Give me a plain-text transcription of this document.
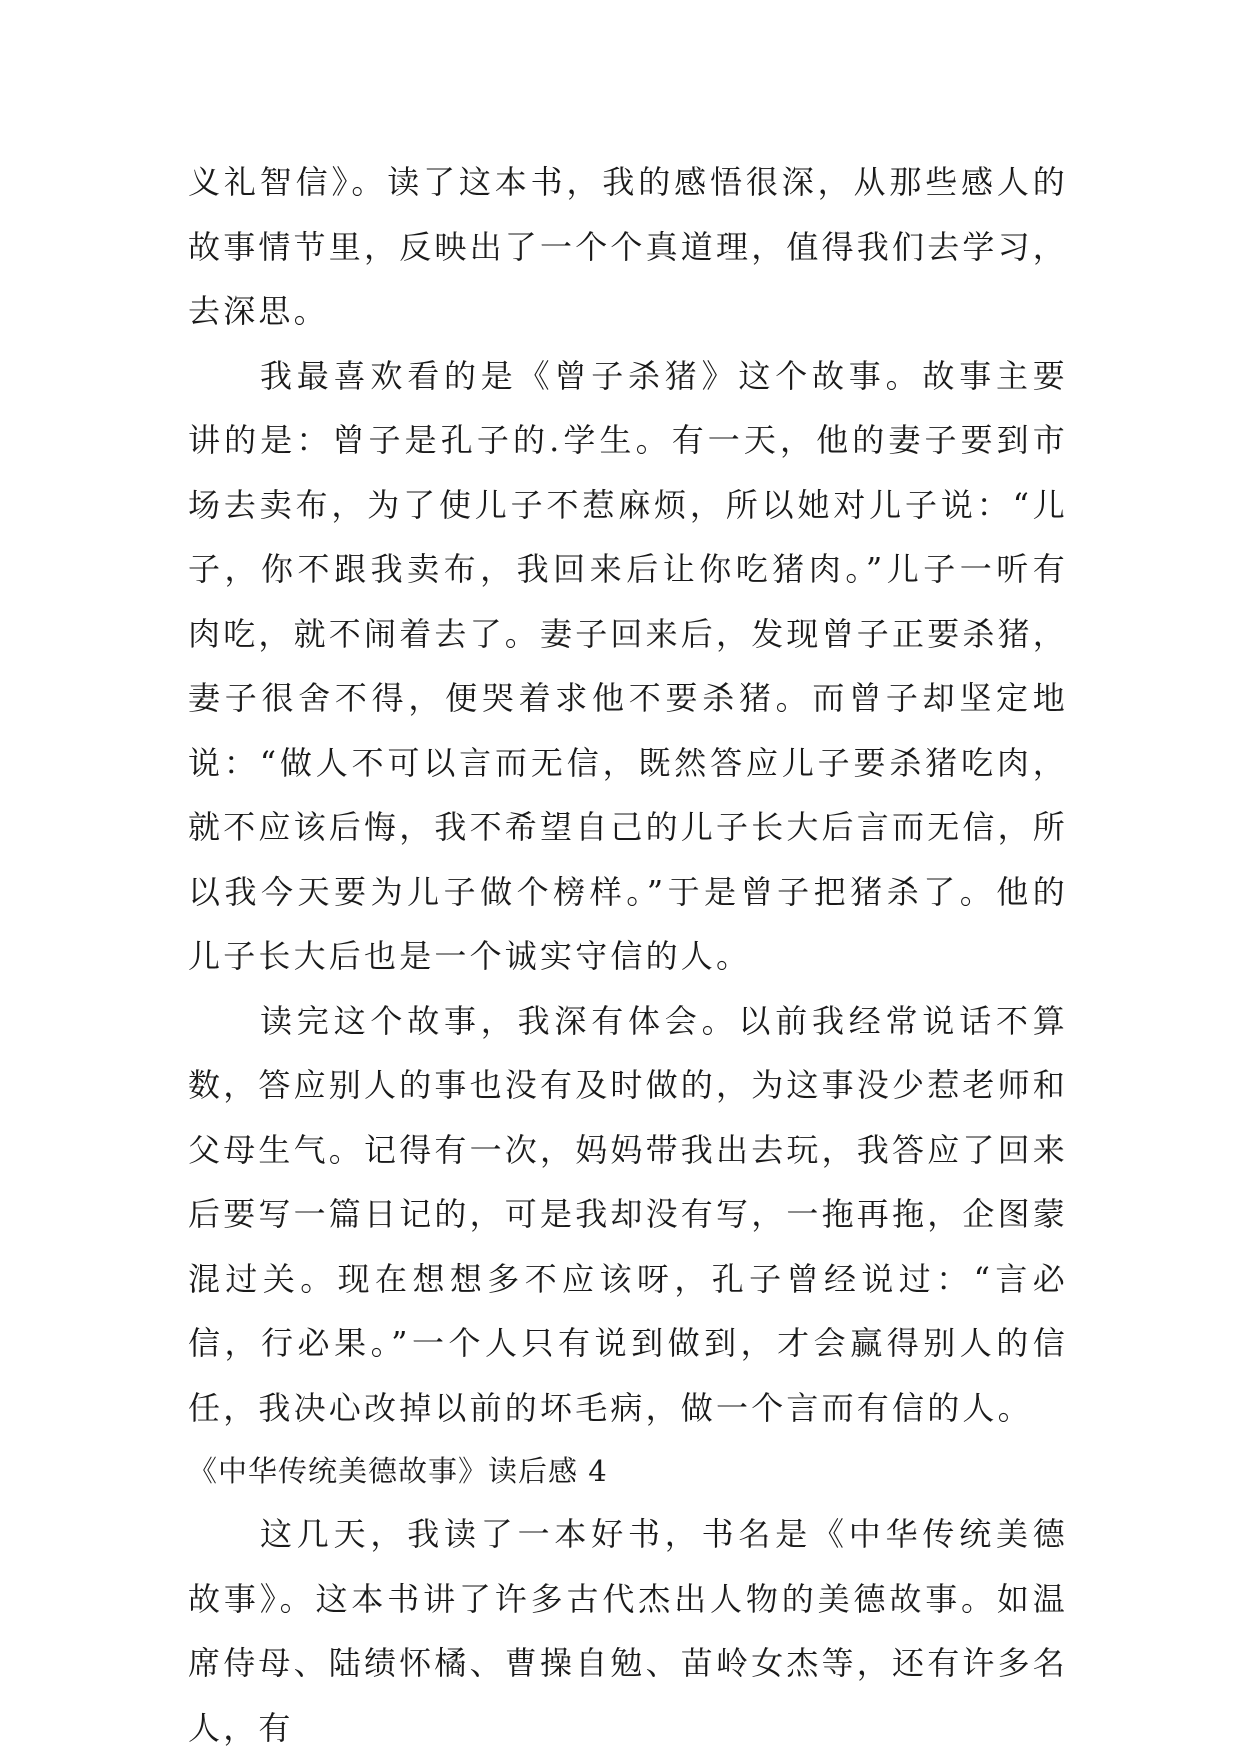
义礼智信》。读了这本书，我的感悟很深，从那些感人的故事情节里，反映出了一个个真道理，值得我们去学习，去深思。

我最喜欢看的是《曾子杀猪》这个故事。故事主要讲的是：曾子是孔子的.学生。有一天，他的妻子要到市场去卖布，为了使儿子不惹麻烦，所以她对儿子说：“儿子，你不跟我卖布，我回来后让你吃猪肉。”儿子一听有肉吃，就不闹着去了。妻子回来后，发现曾子正要杀猪，妻子很舍不得，便哭着求他不要杀猪。而曾子却坚定地说：“做人不可以言而无信，既然答应儿子要杀猪吃肉，就不应该后悔，我不希望自己的儿子长大后言而无信，所以我今天要为儿子做个榜样。”于是曾子把猪杀了。他的儿子长大后也是一个诚实守信的人。

读完这个故事，我深有体会。以前我经常说话不算数，答应别人的事也没有及时做的，为这事没少惹老师和父母生气。记得有一次，妈妈带我出去玩，我答应了回来后要写一篇日记的，可是我却没有写，一拖再拖，企图蒙混过关。现在想想多不应该呀，孔子曾经说过：“言必信，行必果。”一个人只有说到做到，才会赢得别人的信任，我决心改掉以前的坏毛病，做一个言而有信的人。

《中华传统美德故事》读后感 4

这几天，我读了一本好书，书名是《中华传统美德故事》。这本书讲了许多古代杰出人物的美德故事。如温席侍母、陆绩怀橘、曹操自勉、苗岭女杰等，还有许多名人，有
